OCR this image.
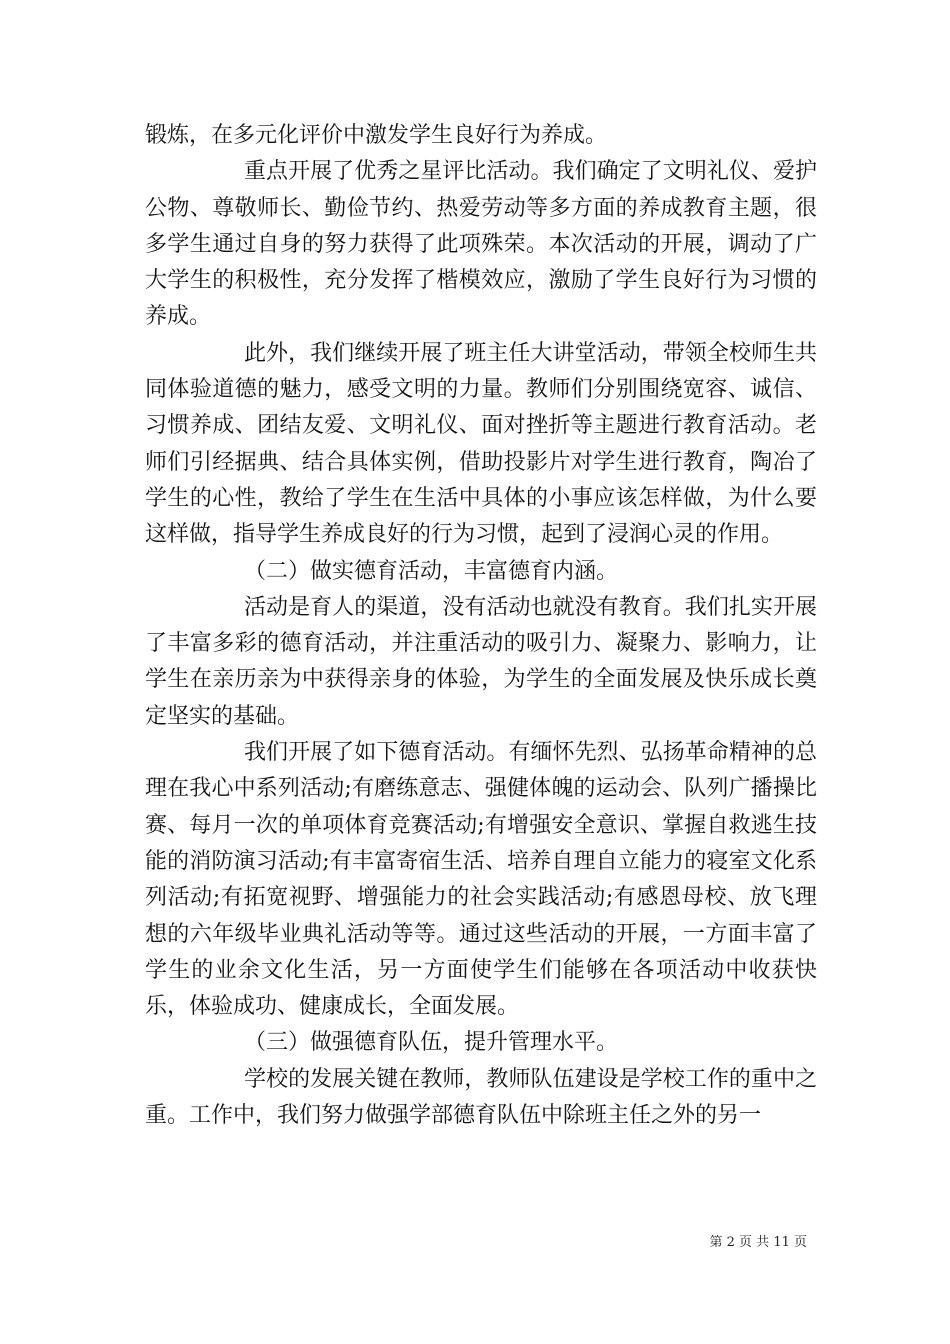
锻炼，在多元化评价中激发学生良好行为养成。

重点开展了优秀之星评比活动。我们确定了文明礼仪、爱护公物、尊敬师长、勤俭节约、热爱劳动等多方面的养成教育主题，很多学生通过自身的努力获得了此项殊荣。本次活动的开展，调动了广大学生的积极性，充分发挥了楷模效应，激励了学生良好行为习惯的养成。

此外，我们继续开展了班主任大讲堂活动，带领全校师生共同体验道德的魅力，感受文明的力量。教师们分别围绕宽容、诚信、习惯养成、团结友爱、文明礼仪、面对挫折等主题进行教育活动。老师们引经据典、结合具体实例，借助投影片对学生进行教育，陶冶了学生的心性，教给了学生在生活中具体的小事应该怎样做，为什么要这样做，指导学生养成良好的行为习惯，起到了浸润心灵的作用。

（二）做实德育活动，丰富德育内涵。

活动是育人的渠道，没有活动也就没有教育。我们扎实开展了丰富多彩的德育活动，并注重活动的吸引力、凝聚力、影响力，让学生在亲历亲为中获得亲身的体验，为学生的全面发展及快乐成长奠定坚实的基础。

我们开展了如下德育活动。有缅怀先烈、弘扬革命精神的总理在我心中系列活动;有磨练意志、强健体魄的运动会、队列广播操比赛、每月一次的单项体育竞赛活动;有增强安全意识、掌握自救逃生技能的消防演习活动;有丰富寄宿生活、培养自理自立能力的寝室文化系列活动;有拓宽视野、增强能力的社会实践活动;有感恩母校、放飞理想的六年级毕业典礼活动等等。通过这些活动的开展，一方面丰富了学生的业余文化生活，另一方面使学生们能够在各项活动中收获快乐，体验成功、健康成长，全面发展。

（三）做强德育队伍，提升管理水平。

学校的发展关键在教师，教师队伍建设是学校工作的重中之重。工作中，我们努力做强学部德育队伍中除班主任之外的另一

第 2 页 共 11 页
